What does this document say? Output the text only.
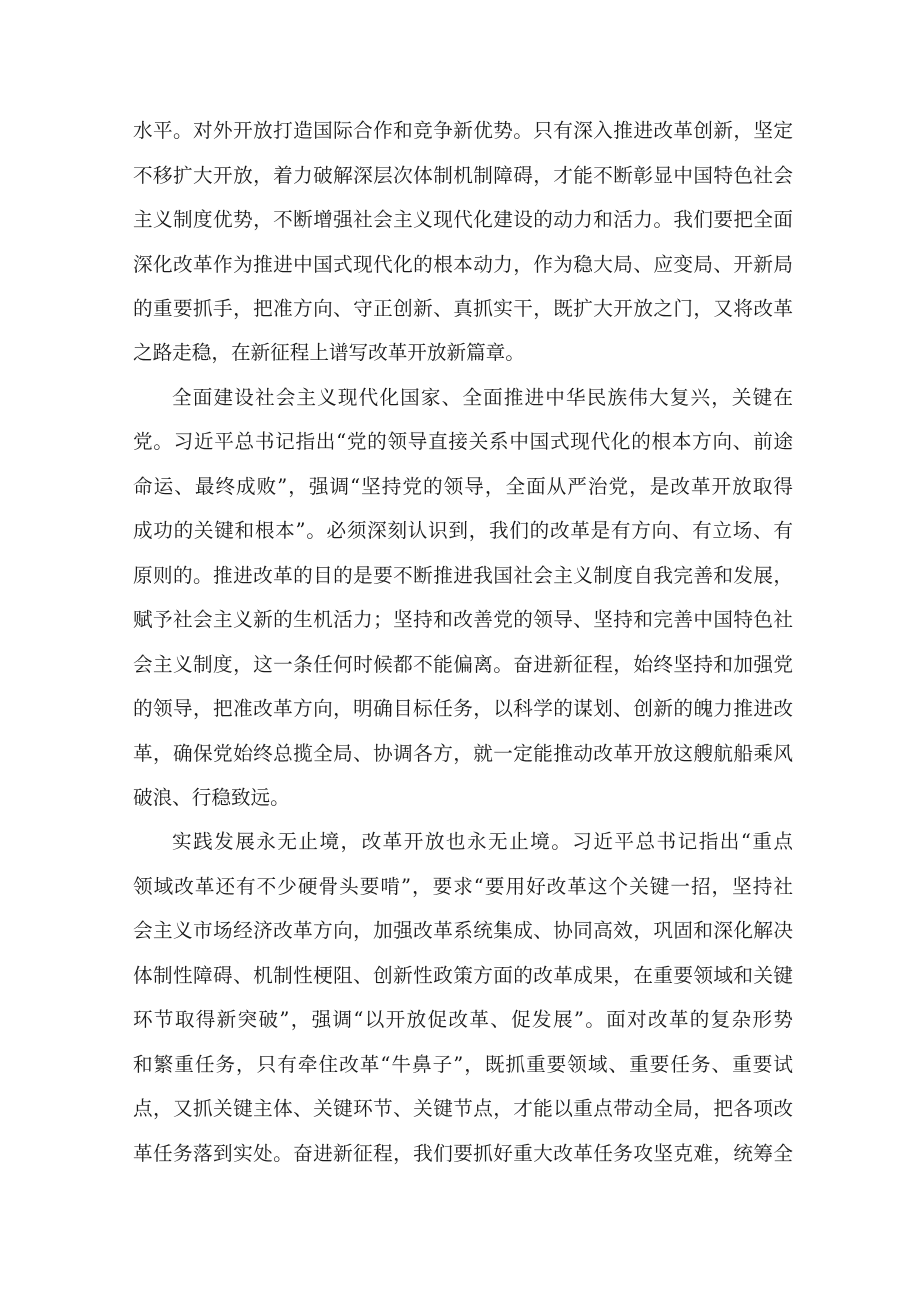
水平。对外开放打造国际合作和竞争新优势。只有深入推进改革创新，坚定
不移扩大开放，着力破解深层次体制机制障碍，才能不断彰显中国特色社会
主义制度优势，不断增强社会主义现代化建设的动力和活力。我们要把全面
深化改革作为推进中国式现代化的根本动力，作为稳大局、应变局、开新局
的重要抓手，把准方向、守正创新、真抓实干，既扩大开放之门，又将改革
之路走稳，在新征程上谱写改革开放新篇章。
全面建设社会主义现代化国家、全面推进中华民族伟大复兴，关键在
党。习近平总书记指出“党的领导直接关系中国式现代化的根本方向、前途
命运、最终成败”，强调“坚持党的领导，全面从严治党，是改革开放取得
成功的关键和根本”。必须深刻认识到，我们的改革是有方向、有立场、有
原则的。推进改革的目的是要不断推进我国社会主义制度自我完善和发展，
赋予社会主义新的生机活力；坚持和改善党的领导、坚持和完善中国特色社
会主义制度，这一条任何时候都不能偏离。奋进新征程，始终坚持和加强党
的领导，把准改革方向，明确目标任务，以科学的谋划、创新的魄力推进改
革，确保党始终总揽全局、协调各方，就一定能推动改革开放这艘航船乘风
破浪、行稳致远。
实践发展永无止境，改革开放也永无止境。习近平总书记指出“重点
领域改革还有不少硬骨头要啃”，要求“要用好改革这个关键一招，坚持社
会主义市场经济改革方向，加强改革系统集成、协同高效，巩固和深化解决
体制性障碍、机制性梗阻、创新性政策方面的改革成果，在重要领域和关键
环节取得新突破”，强调“以开放促改革、促发展”。面对改革的复杂形势
和繁重任务，只有牵住改革“牛鼻子”，既抓重要领域、重要任务、重要试
点，又抓关键主体、关键环节、关键节点，才能以重点带动全局，把各项改
革任务落到实处。奋进新征程，我们要抓好重大改革任务攻坚克难，统筹全
